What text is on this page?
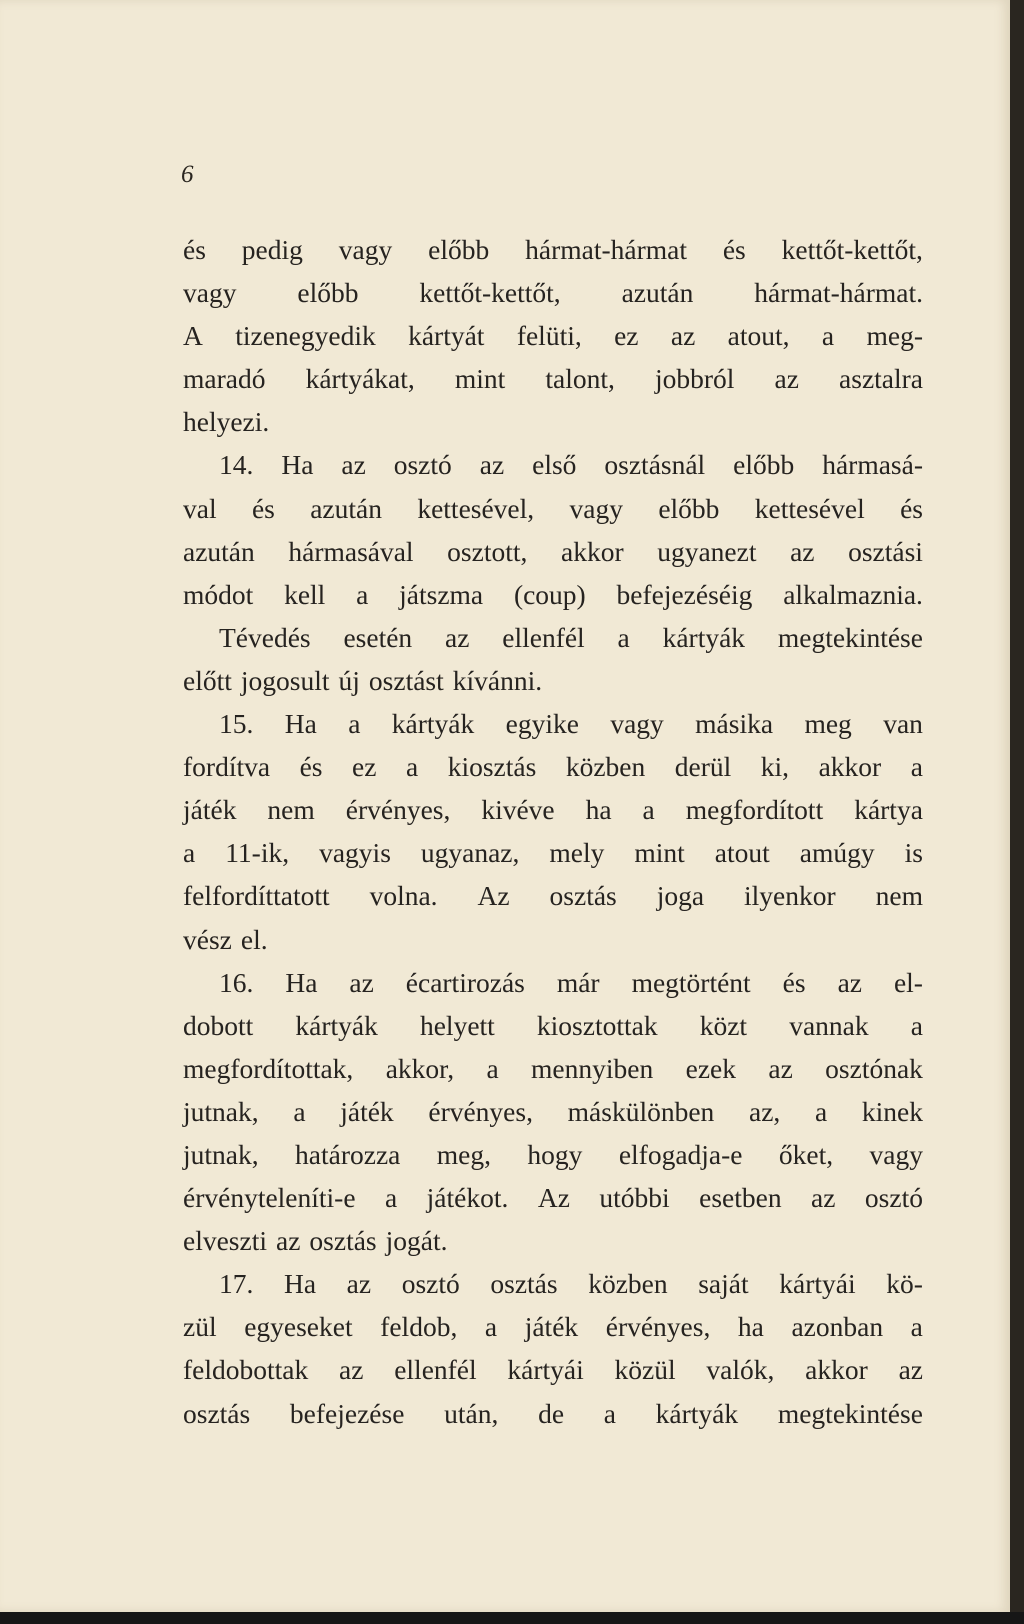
6
és pedig vagy előbb hármat-hármat és kettőt-kettőt,
vagy előbb kettőt-kettőt, azután hármat-hármat.
A tizenegyedik kártyát felüti, ez az atout, a meg-
maradó kártyákat, mint talont, jobbról az asztalra
helyezi.
14. Ha az osztó az első osztásnál előbb hármasá-
val és azután kettesével, vagy előbb kettesével és
azután hármasával osztott, akkor ugyanezt az osztási
módot kell a játszma (coup) befejezéséig alkalmaznia.
Tévedés esetén az ellenfél a kártyák megtekintése
előtt jogosult új osztást kívánni.
15. Ha a kártyák egyike vagy másika meg van
fordítva és ez a kiosztás közben derül ki, akkor a
játék nem érvényes, kivéve ha a megfordított kártya
a 11-ik, vagyis ugyanaz, mely mint atout amúgy is
felfordíttatott volna. Az osztás joga ilyenkor nem
vész el.
16. Ha az écartirozás már megtörtént és az el-
dobott kártyák helyett kiosztottak közt vannak a
megfordítottak, akkor, a mennyiben ezek az osztónak
jutnak, a játék érvényes, máskülönben az, a kinek
jutnak, határozza meg, hogy elfogadja-e őket, vagy
érvényteleníti-e a játékot. Az utóbbi esetben az osztó
elveszti az osztás jogát.
17. Ha az osztó osztás közben saját kártyái kö-
zül egyeseket feldob, a játék érvényes, ha azonban a
feldobottak az ellenfél kártyái közül valók, akkor az
osztás befejezése után, de a kártyák megtekintése
